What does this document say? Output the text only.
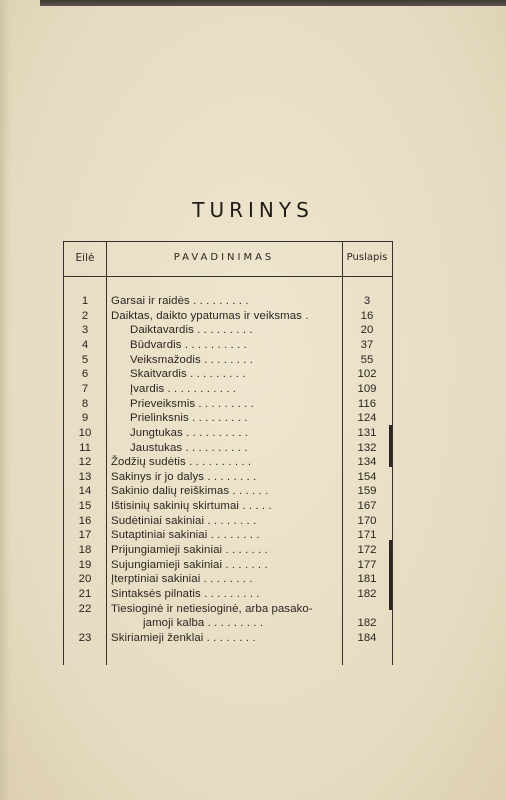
TURINYS
Eilė	PAVADINIMAS	Puslapis
1	Garsai ir raidės . . . . . . . . .	3
2	Daiktas, daikto ypatumas ir veiksmas .	16
3	Daiktavardis . . . . . . . . .	20
4	Būdvardis . . . . . . . . . .	37
5	Veiksmažodis . . . . . . . .	55
6	Skaitvardis . . . . . . . . .	102
7	Įvardis . . . . . . . . . . .	109
8	Prieveiksmis . . . . . . . . .	116
9	Prielinksnis . . . . . . . . .	124
10	Jungtukas . . . . . . . . . .	131
11	Jaustukas . . . . . . . . . .	132
12	Žodžių sudėtis . . . . . . . . . .	134
13	Sakinys ir jo dalys . . . . . . . .	154
14	Sakinio dalių reiškimas . . . . . .	159
15	Ištisinių sakinių skirtumai . . . . .	167
16	Sudėtiniai sakiniai . . . . . . . .	170
17	Sutaptiniai sakiniai . . . . . . . .	171
18	Prijungiamieji sakiniai . . . . . . .	172
19	Sujungiamieji sakiniai . . . . . . .	177
20	Įterptiniai sakiniai . . . . . . . .	181
21	Sintaksės pilnatis . . . . . . . . .	182
22	Tiesioginė ir netiesioginė, arba pasako-
jamoji kalba . . . . . . . . .	182
23	Skiriamieji ženklai . . . . . . . .	184
